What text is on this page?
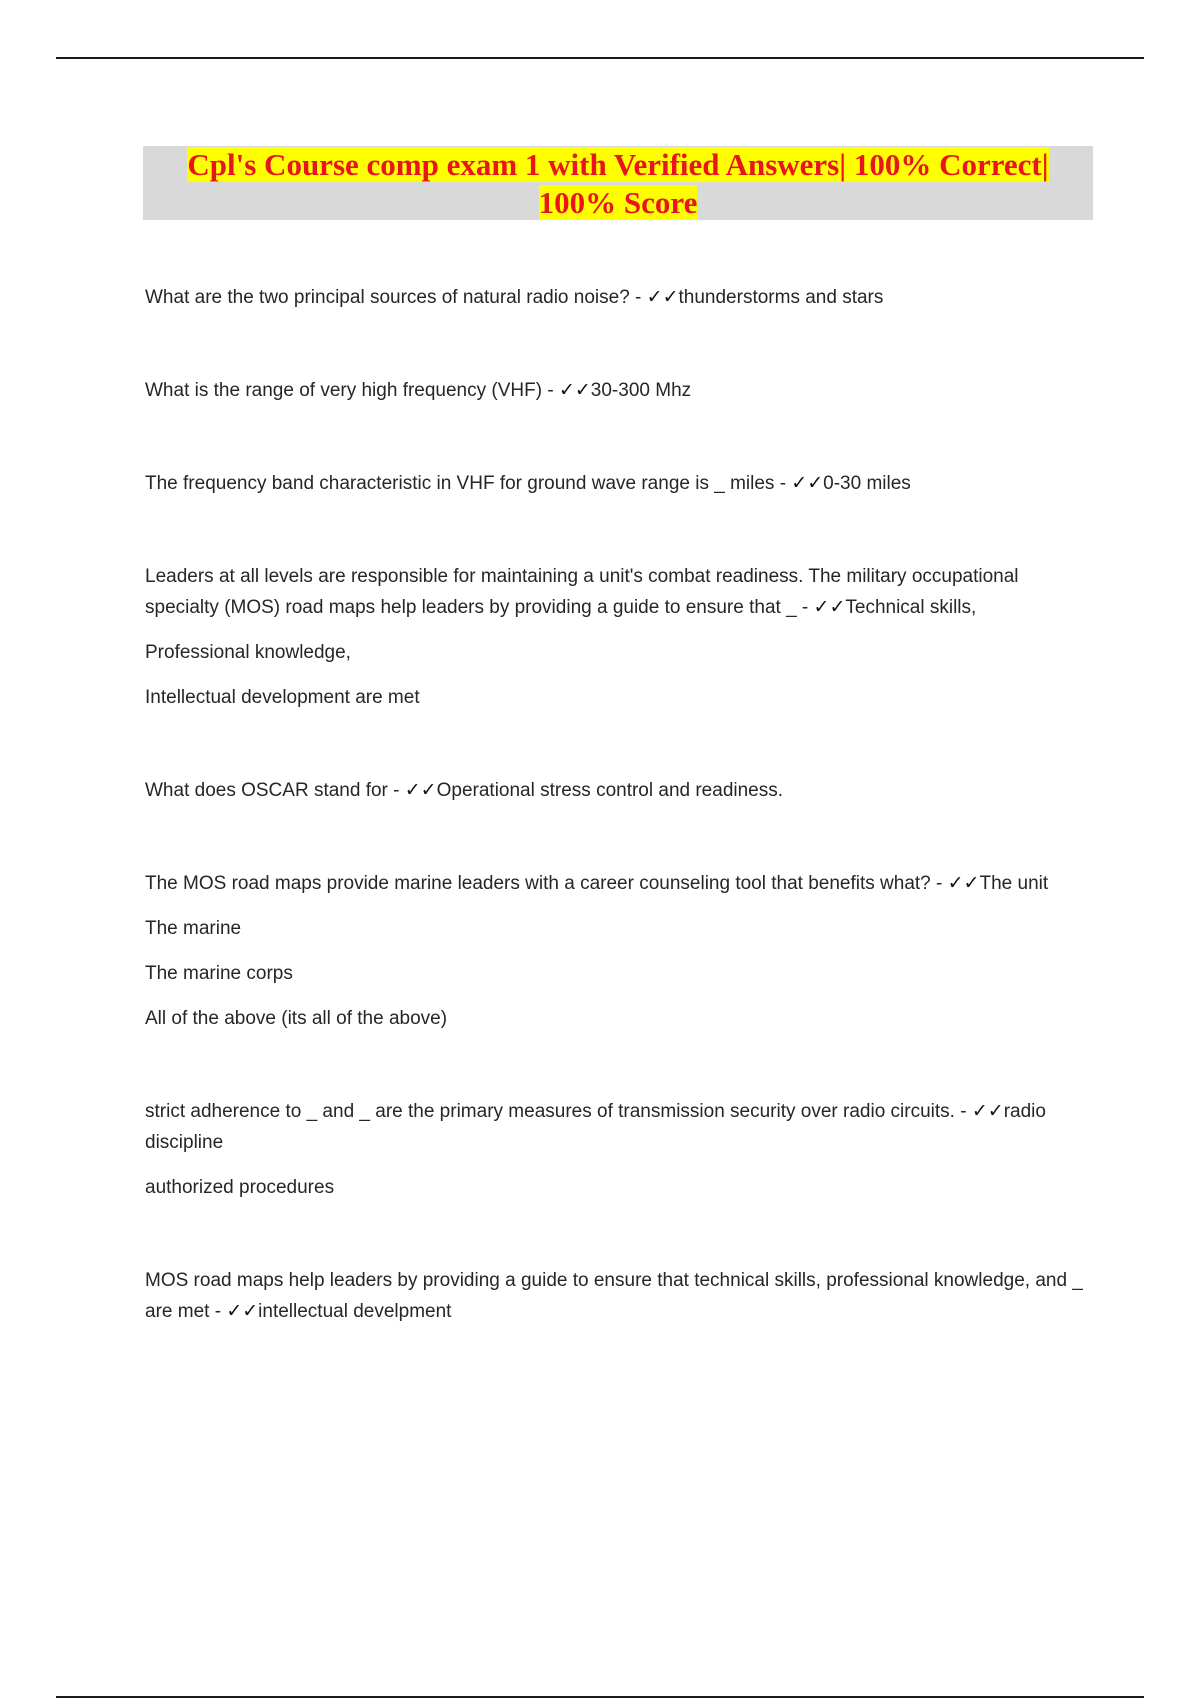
Cpl's Course comp exam 1 with Verified Answers| 100% Correct|
100% Score

What are the two principal sources of natural radio noise? - ✓✓thunderstorms and stars

What is the range of very high frequency (VHF) - ✓✓30-300 Mhz

The frequency band characteristic in VHF for ground wave range is _ miles - ✓✓0-30 miles

Leaders at all levels are responsible for maintaining a unit's combat readiness. The military occupational specialty (MOS) road maps help leaders by providing a guide to ensure that _ - ✓✓Technical skills,

Professional knowledge,

Intellectual development are met

What does OSCAR stand for - ✓✓Operational stress control and readiness.

The MOS road maps provide marine leaders with a career counseling tool that benefits what? - ✓✓The unit

The marine

The marine corps

All of the above (its all of the above)

strict adherence to _ and _ are the primary measures of transmission security over radio circuits. - ✓✓radio discipline

authorized procedures

MOS road maps help leaders by providing a guide to ensure that technical skills, professional knowledge, and _ are met - ✓✓intellectual develpment
